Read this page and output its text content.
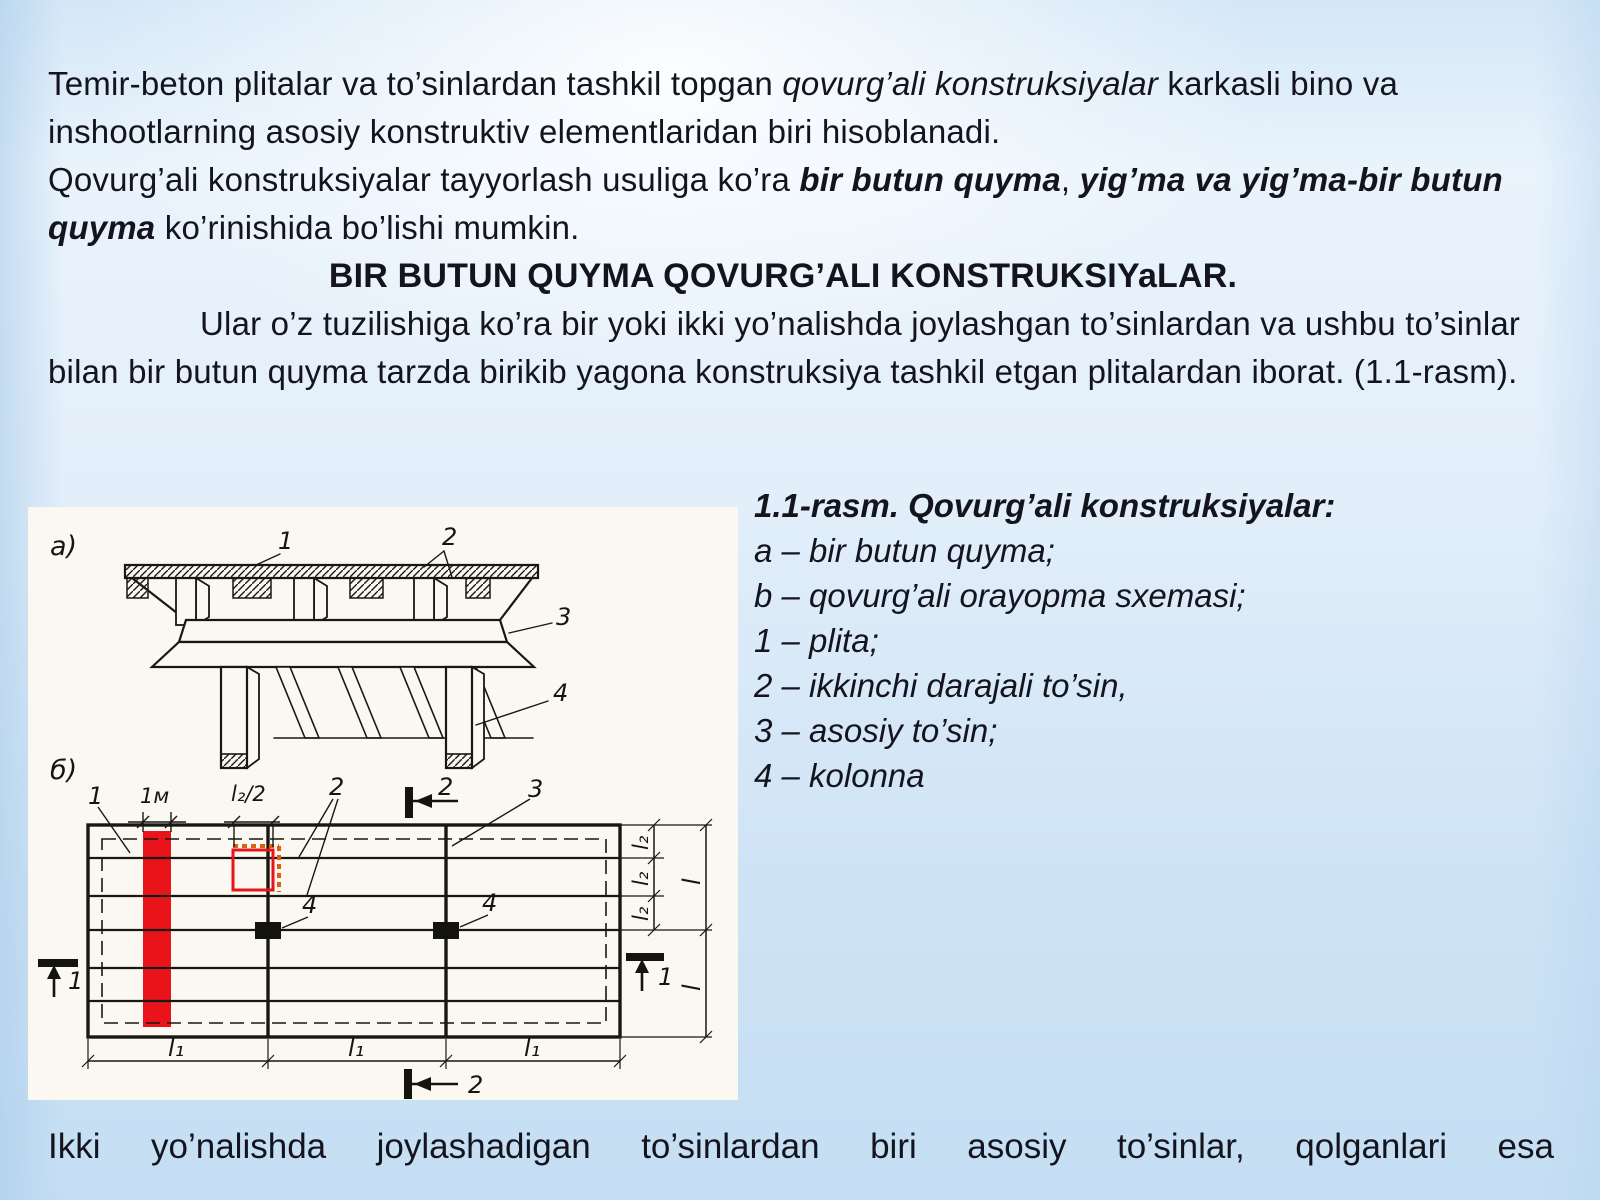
Temir-beton plitalar va to’sinlardan tashkil topgan qovurg’ali konstruksiyalar karkasli bino va inshootlarning asosiy konstruktiv elementlaridan biri hisoblanadi.

Qovurg’ali konstruksiyalar tayyorlash usuliga ko’ra bir butun quyma, yig’ma va yig’ma-bir butun quyma ko’rinishida bo’lishi mumkin.

BIR BUTUN QUYMA QOVURG’ALI KONSTRUKSIYaLAR.

Ular o’z tuzilishiga ko’ra bir yoki ikki yo’nalishda joylashgan to’sinlardan va ushbu to’sinlar bilan bir butun quyma tarzda birikib yagona konstruksiya tashkil etgan plitalardan iborat. (1.1-rasm).

a)	1	2
3
4
б)
1	2	3
4	4
1м	l₂/2	2
2
1	1
l₂
l₂
l₂
l
l
l₁	l₁	l₁

1.1-rasm. Qovurg’ali konstruksiyalar:

a – bir butun quyma;

b – qovurg’ali orayopma sxemasi;

1 – plita;

2 – ikkinchi darajali to’sin,

3 – asosiy to’sin;

4 – kolonna

Ikki yo’nalishda joylashadigan to’sinlardan biri asosiy to’sinlar, qolganlari esa
